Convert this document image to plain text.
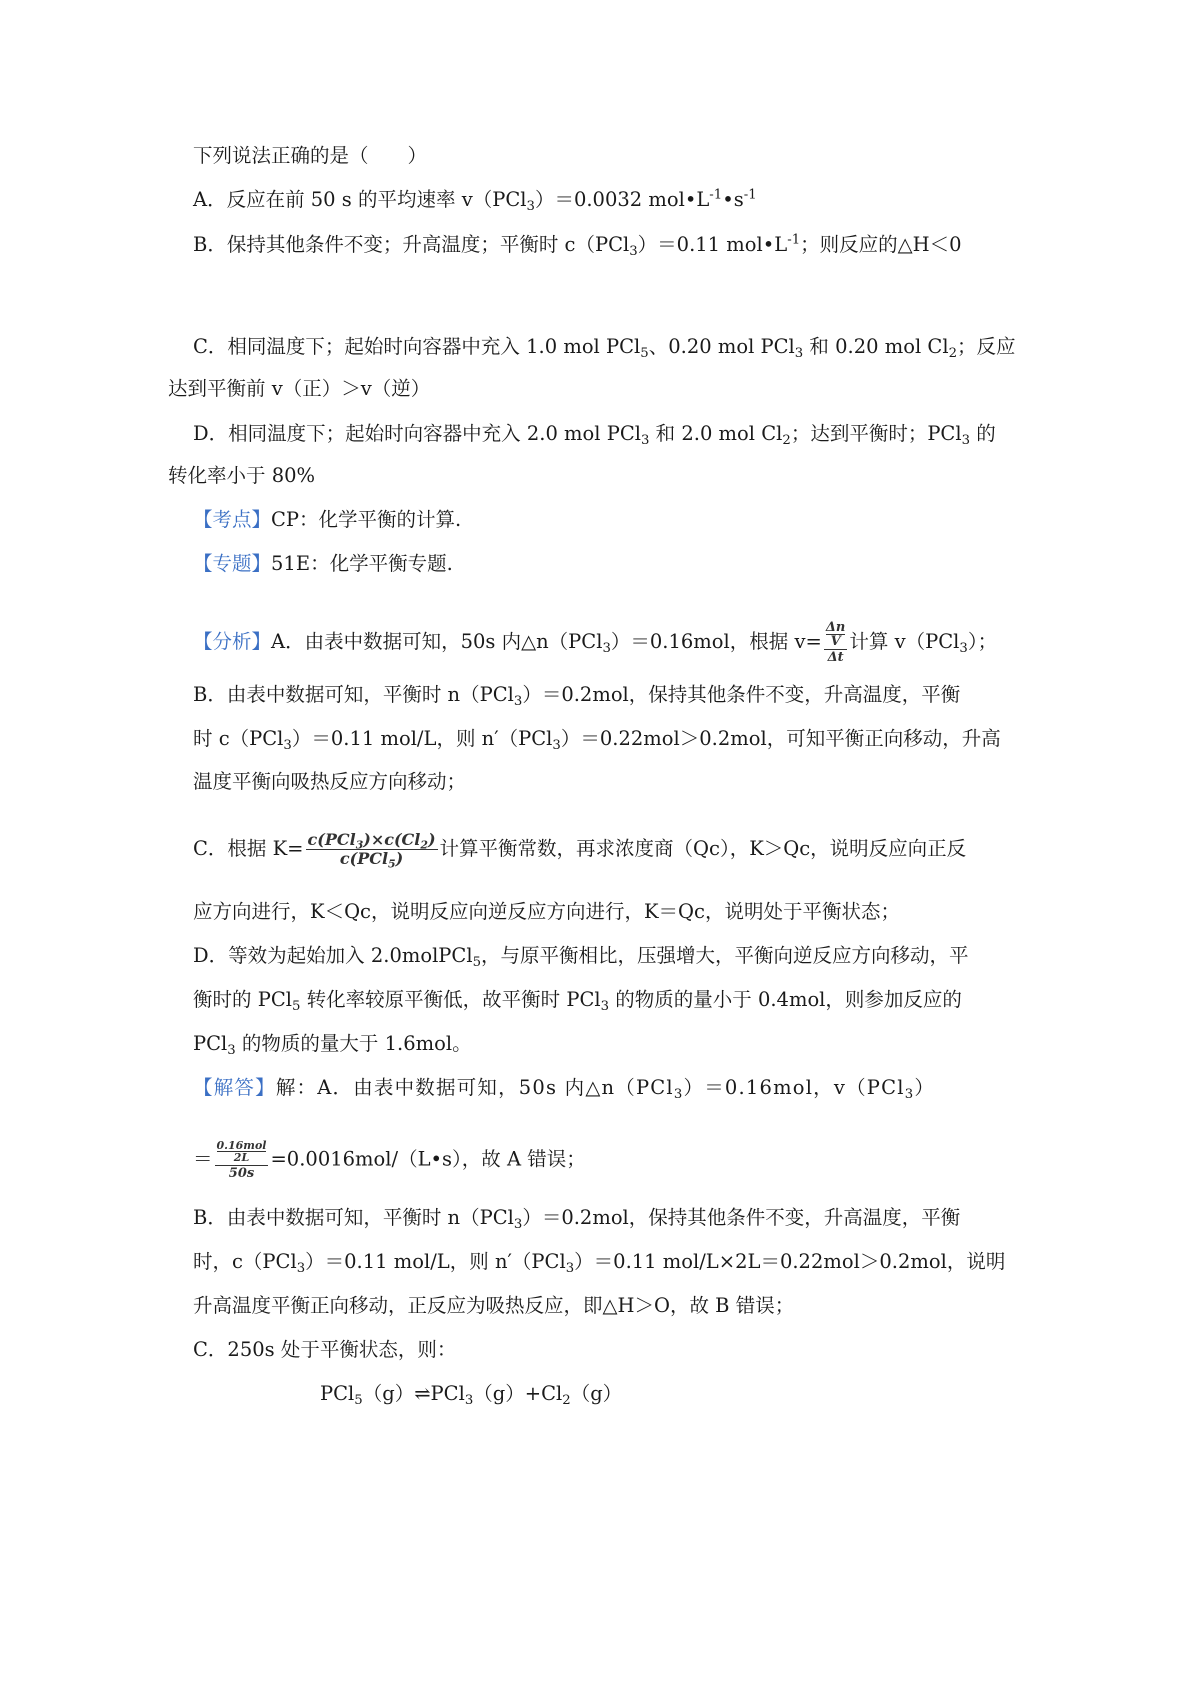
下列说法正确的是（　　）
A．反应在前 50 s 的平均速率 v（PCl$_3$）＝0.0032 $mol•L^{-1}•s^{-1}$
B．保持其他条件不变；升高温度；平衡时 c（PCl$_3$）＝0.11 $mol•L^{-1}$；则反应的△H＜0
C．相同温度下；起始时向容器中充入 1.0 mol PCl$_5$、0.20 mol PCl$_3$ 和 0.20 mol $Cl_2$；反应
达到平衡前 v（正）＞v（逆）
D．相同温度下；起始时向容器中充入 2.0 mol PCl$_3$ 和 2.0 mol $Cl_2$；达到平衡时；PCl$_3$ 的
转化率小于 80%
【考点】CP：化学平衡的计算.
【专题】51E：化学平衡专题.
【分析】A．由表中数据可知，50s 内△n（PCl$_3$）＝0.16mol，根据 $v= \frac{\frac{\Delta n}{V}}{\Delta t}$ 计算 v（PCl$_3$）；
B．由表中数据可知，平衡时 n（PCl$_3$）＝0.2mol，保持其他条件不变，升高温度，平衡
时 c（PCl$_3$）＝0.11 mol/L，则 n′（PCl$_3$）＝0.22mol＞0.2mol，可知平衡正向移动，升高
温度平衡向吸热反应方向移动；
C．根据 $K= \frac{c(PCl_3)\times c(Cl_2)}{c(PCl_5)}$ 计算平衡常数，再求浓度商（Qc），K＞Qc，说明反应向正反
应方向进行，K＜Qc，说明反应向逆反应方向进行，K＝Qc，说明处于平衡状态；
D．等效为起始加入 2.0molPCl$_5$，与原平衡相比，压强增大，平衡向逆反应方向移动，平
衡时的 PCl$_5$ 转化率较原平衡低，故平衡时 PCl$_3$ 的物质的量小于 0.4mol，则参加反应的
PCl$_3$ 的物质的量大于 1.6mol。
【解答】解：A．由表中数据可知，50s 内△n（PCl$_3$）＝0.16mol，v（PCl$_3$）
＝ 0.16mol
2L
50s =0.0016mol/（L•s），故 A 错误；
B．由表中数据可知，平衡时 n（PCl$_3$）＝0.2mol，保持其他条件不变，升高温度，平衡
时，c（PCl$_3$）＝0.11 mol/L，则 n′（PCl$_3$）＝0.11 mol/L×2L＝0.22mol＞0.2mol，说明
升高温度平衡正向移动，正反应为吸热反应，即△H＞O，故 B 错误；
C．250s 处于平衡状态，则：
$PCl_5(g)\rightleftharpoons PCl_3(g)+Cl_2(g)$
